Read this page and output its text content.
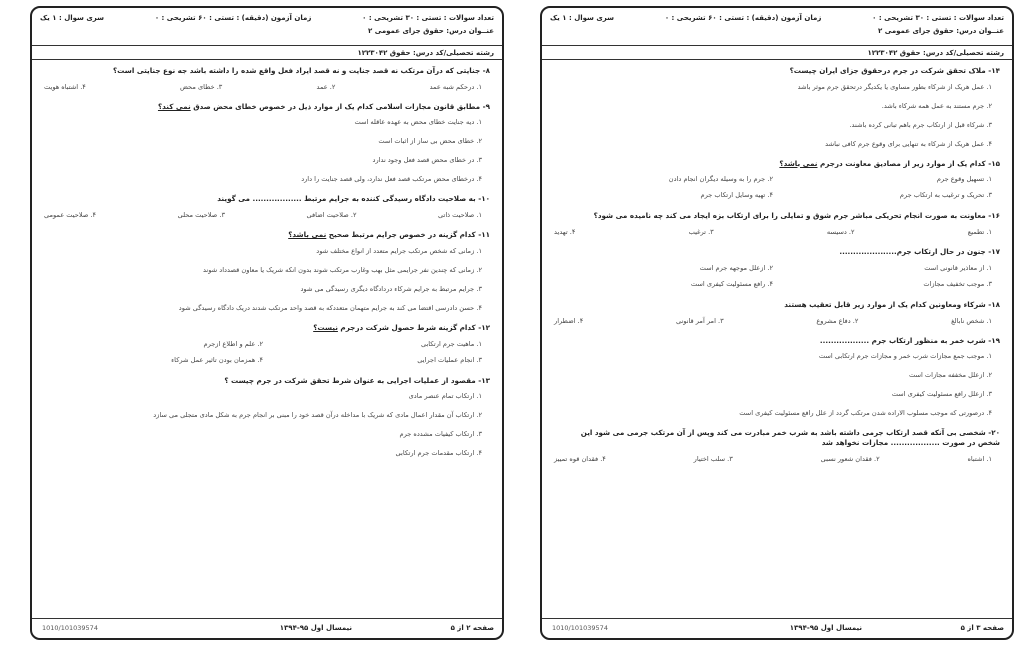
تعداد سوالات : تستی : ۳۰ تشریحی : ۰
زمان آزمون (دقیقه) : تستی : ۶۰ تشریحی : ۰
سری سوال : ۱ یک
عنــوان درس: حقوق جزای عمومی ۲
رشته تحصیلی/کد درس: حقوق ۱۲۲۳۰۴۲
۸- جنایتی که درآن مرتکب نه قصد جنایت و نه قصد ایراد فعل واقع شده را داشته باشد جه نوع جنایتی است؟
۱. درحکم شبه عمد
۲. عمد
۳. خطای محض
۴. اشتباه هویت
۹- مطابق قانون مجازات اسلامی کدام یک از موارد ذیل در خصوص خطای محض صدق نمی کند؟
۱. دیه جنایت خطای محض به عهده عاقله است
۲. خطای محض بی ساز از اثبات است
۳. در خطای محض قصد فعل وجود ندارد
۴. درخطای محض مرتکب قصد فعل ندارد، ولی قصد جنایت را دارد
۱۰- به صلاحیت دادگاه رسیدگی کننده به جرایم مرتبط .................. می گویند
۱. صلاحیت ذاتی
۲. صلاحیت اضافی
۳. صلاحیت محلی
۴. صلاحیت عمومی
۱۱- کدام گزینه در خصوص جرایم مرتبط صحیح نمی باشد؟
۱. زمانی که شخص مرتکب جرایم متعدد از انواع مختلف شود
۲. زمانی که چندین نفر جرایمی مثل بهب وغارب مرتکب شوند بدون انکه شریک یا معاون قصدداد شوند
۳. جرایم مرتبط به جرایم شرکاء دردادگاه دیگری رسیدگی می شود
۴. حسن دادرسی اقتضا می کند به جرایم متهمان متعددکه به قصد واحد مرتکب شدند دریک دادگاه رسیدگی شود
۱۲- کدام گزینه شرط حصول شرکت درجرم نیست؟
۱. ماهیت جرم ارتکابی
۲. علم و اطلاع ازجرم
۳. انجام عملیات اجرایی
۴. همزمان بودن تاثیر عمل شرکاء
۱۳- مقصود از عملیات اجرایی به عنوان شرط تحقق شرکت در جرم چیست ؟
۱. ارتکاب تمام عنصر مادی
۲. ارتکاب آن مقدار اعمال مادی که شریک با مداخله درآن قصد خود را مبنی بر انجام جرم به شکل مادی متجلی می سازد
۳. ارتکاب کیفیات مشدده جرم
۴. ارتکاب مقدمات جرم ارتکابی
صفحه ۲ از ۵
نیمسال اول ۹۵-۱۳۹۴
1010/101039574
تعداد سوالات : تستی : ۳۰ تشریحی : ۰
زمان آزمون (دقیقه) : تستی : ۶۰ تشریحی : ۰
سری سوال : ۱ یک
عنــوان درس: حقوق جزای عمومی ۲
رشته تحصیلی/کد درس: حقوق ۱۲۲۳۰۴۲
۱۴- ملاک تحقق شرکت در جرم درحقوق جزای ایران چیست؟
۱. عمل هریک از شرکاء بطور مساوی یا یکدیگر درتحقق جرم موثر باشد
۲. جرم مستند به عمل همه شرکاء باشد.
۳. شرکاء قبل از ارتکاب جرم باهم تبانی کرده باشند.
۴. عمل هریک از شرکاء به تنهایی برای وقوع جرم کافی نباشد
۱۵- کدام یک از موارد زیر از مصادیق معاونت درجرم نمی باشد؟
۱. تسهیل وقوع جرم
۲. جرم را به وسیله دیگران انجام دادن
۳. تحریک و ترغیب به ارتکاب جرم
۴. تهیه وسایل ارتکاب جرم
۱۶- معاونت به صورت انجام تحریکی مباشر جرم شوق و تمایلی را برای ارتکاب بزه ایجاد می کند چه نامیده می شود؟
۱. تطمیع
۲. دسیسه
۳. ترغیب
۴. تهدید
۱۷- جنون در حال ارتکاب جرم.....................
۱. از معاذیر قانونی است
۲. ازعلل موجهه جرم است
۳. موجب تخفیف مجازات
۴. رافع مسئولیت کیفری است
۱۸- شرکاء ومعاونین کدام یک از موارد زیر قابل تعقیب هستند
۱. شخص نابالغ
۲. دفاع مشروع
۳. امر آمر قانونی
۴. اضطرار
۱۹- شرب خمر به منظور ارتکاب جرم ..................
۱. موجب جمع مجازات شرب خمر و مجازات جرم ارتکابی است
۲. ازعلل مخففه مجازات است
۳. ازعلل رافع مسئولیت کیفری است
۴. درصورتی که موجب مسلوب الاراده شدن مرتکب گردد از علل رافع مسئولیت کیفری است
۲۰- شخصی بی آنکه قصد ارتکاب جرمی داشته باشد به شرب خمر مبادرت می کند وپس از آن مرتکب جرمی می شود این
شخص در صورت .................. مجازات نخواهد شد
۱. اشتباه
۲. فقدان شعور نسبی
۳. سلب اختیار
۴. فقدان قوه تمییز
صفحه ۳ از ۵
نیمسال اول ۹۵-۱۳۹۴
1010/101039574
